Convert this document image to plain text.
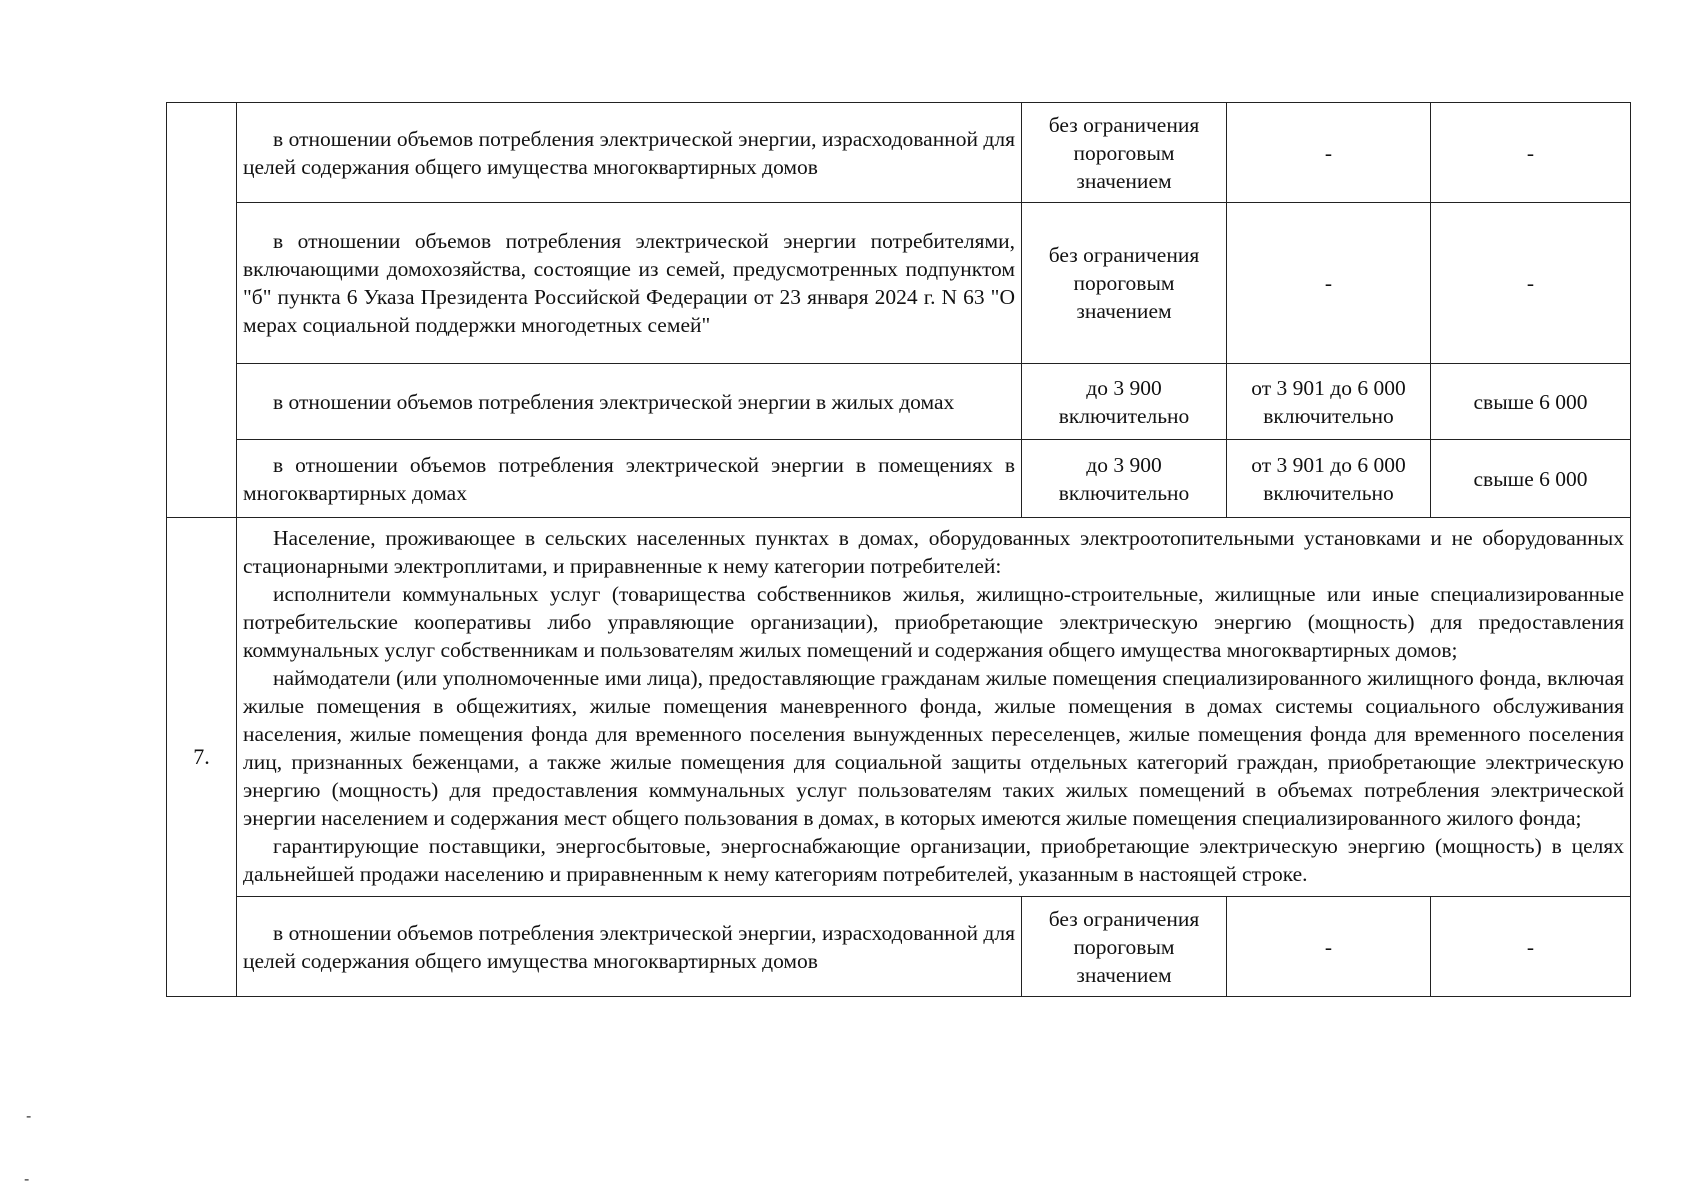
	в отношении объемов потребления электрической энергии, израсходованной для целей содержания общего имущества многоквартирных домов	без ограничения пороговым значением	-	-

	в отношении объемов потребления электрической энергии потребителями, включающими домохозяйства, состоящие из семей, предусмотренных подпунктом "б" пункта 6 Указа Президента Российской Федерации от 23 января 2024 г. N 63 "О мерах социальной поддержки многодетных семей"	без ограничения пороговым значением	-	-

	в отношении объемов потребления электрической энергии в жилых домах	до 3 900 включительно	от 3 901 до 6 000 включительно	свыше 6 000

	в отношении объемов потребления электрической энергии в помещениях в многоквартирных домах	до 3 900 включительно	от 3 901 до 6 000 включительно	свыше 6 000
7.	Население, проживающее в сельских населенных пунктах в домах, оборудованных электроотопительными установками и не оборудованных стационарными электроплитами, и приравненные к нему категории потребителей:

исполнители коммунальных услуг (товарищества собственников жилья, жилищно-строительные, жилищные или иные специализированные потребительские кооперативы либо управляющие организации), приобретающие электрическую энергию (мощность) для предоставления коммунальных услуг собственникам и пользователям жилых помещений и содержания общего имущества многоквартирных домов;

наймодатели (или уполномоченные ими лица), предоставляющие гражданам жилые помещения специализированного жилищного фонда, включая жилые помещения в общежитиях, жилые помещения маневренного фонда, жилые помещения в домах системы социального обслуживания населения, жилые помещения фонда для временного поселения вынужденных переселенцев, жилые помещения фонда для временного поселения лиц, признанных беженцами, а также жилые помещения для социальной защиты отдельных категорий граждан, приобретающие электрическую энергию (мощность) для предоставления коммунальных услуг пользователям таких жилых помещений в объемах потребления электрической энергии населением и содержания мест общего пользования в домах, в которых имеются жилые помещения специализированного жилого фонда;

гарантирующие поставщики, энергосбытовые, энергоснабжающие организации, приобретающие электрическую энергию (мощность) в целях дальнейшей продажи населению и приравненным к нему категориям потребителей, указанным в настоящей строке.			

	в отношении объемов потребления электрической энергии, израсходованной для целей содержания общего имущества многоквартирных домов	без ограничения пороговым значением	-	-
-
-
